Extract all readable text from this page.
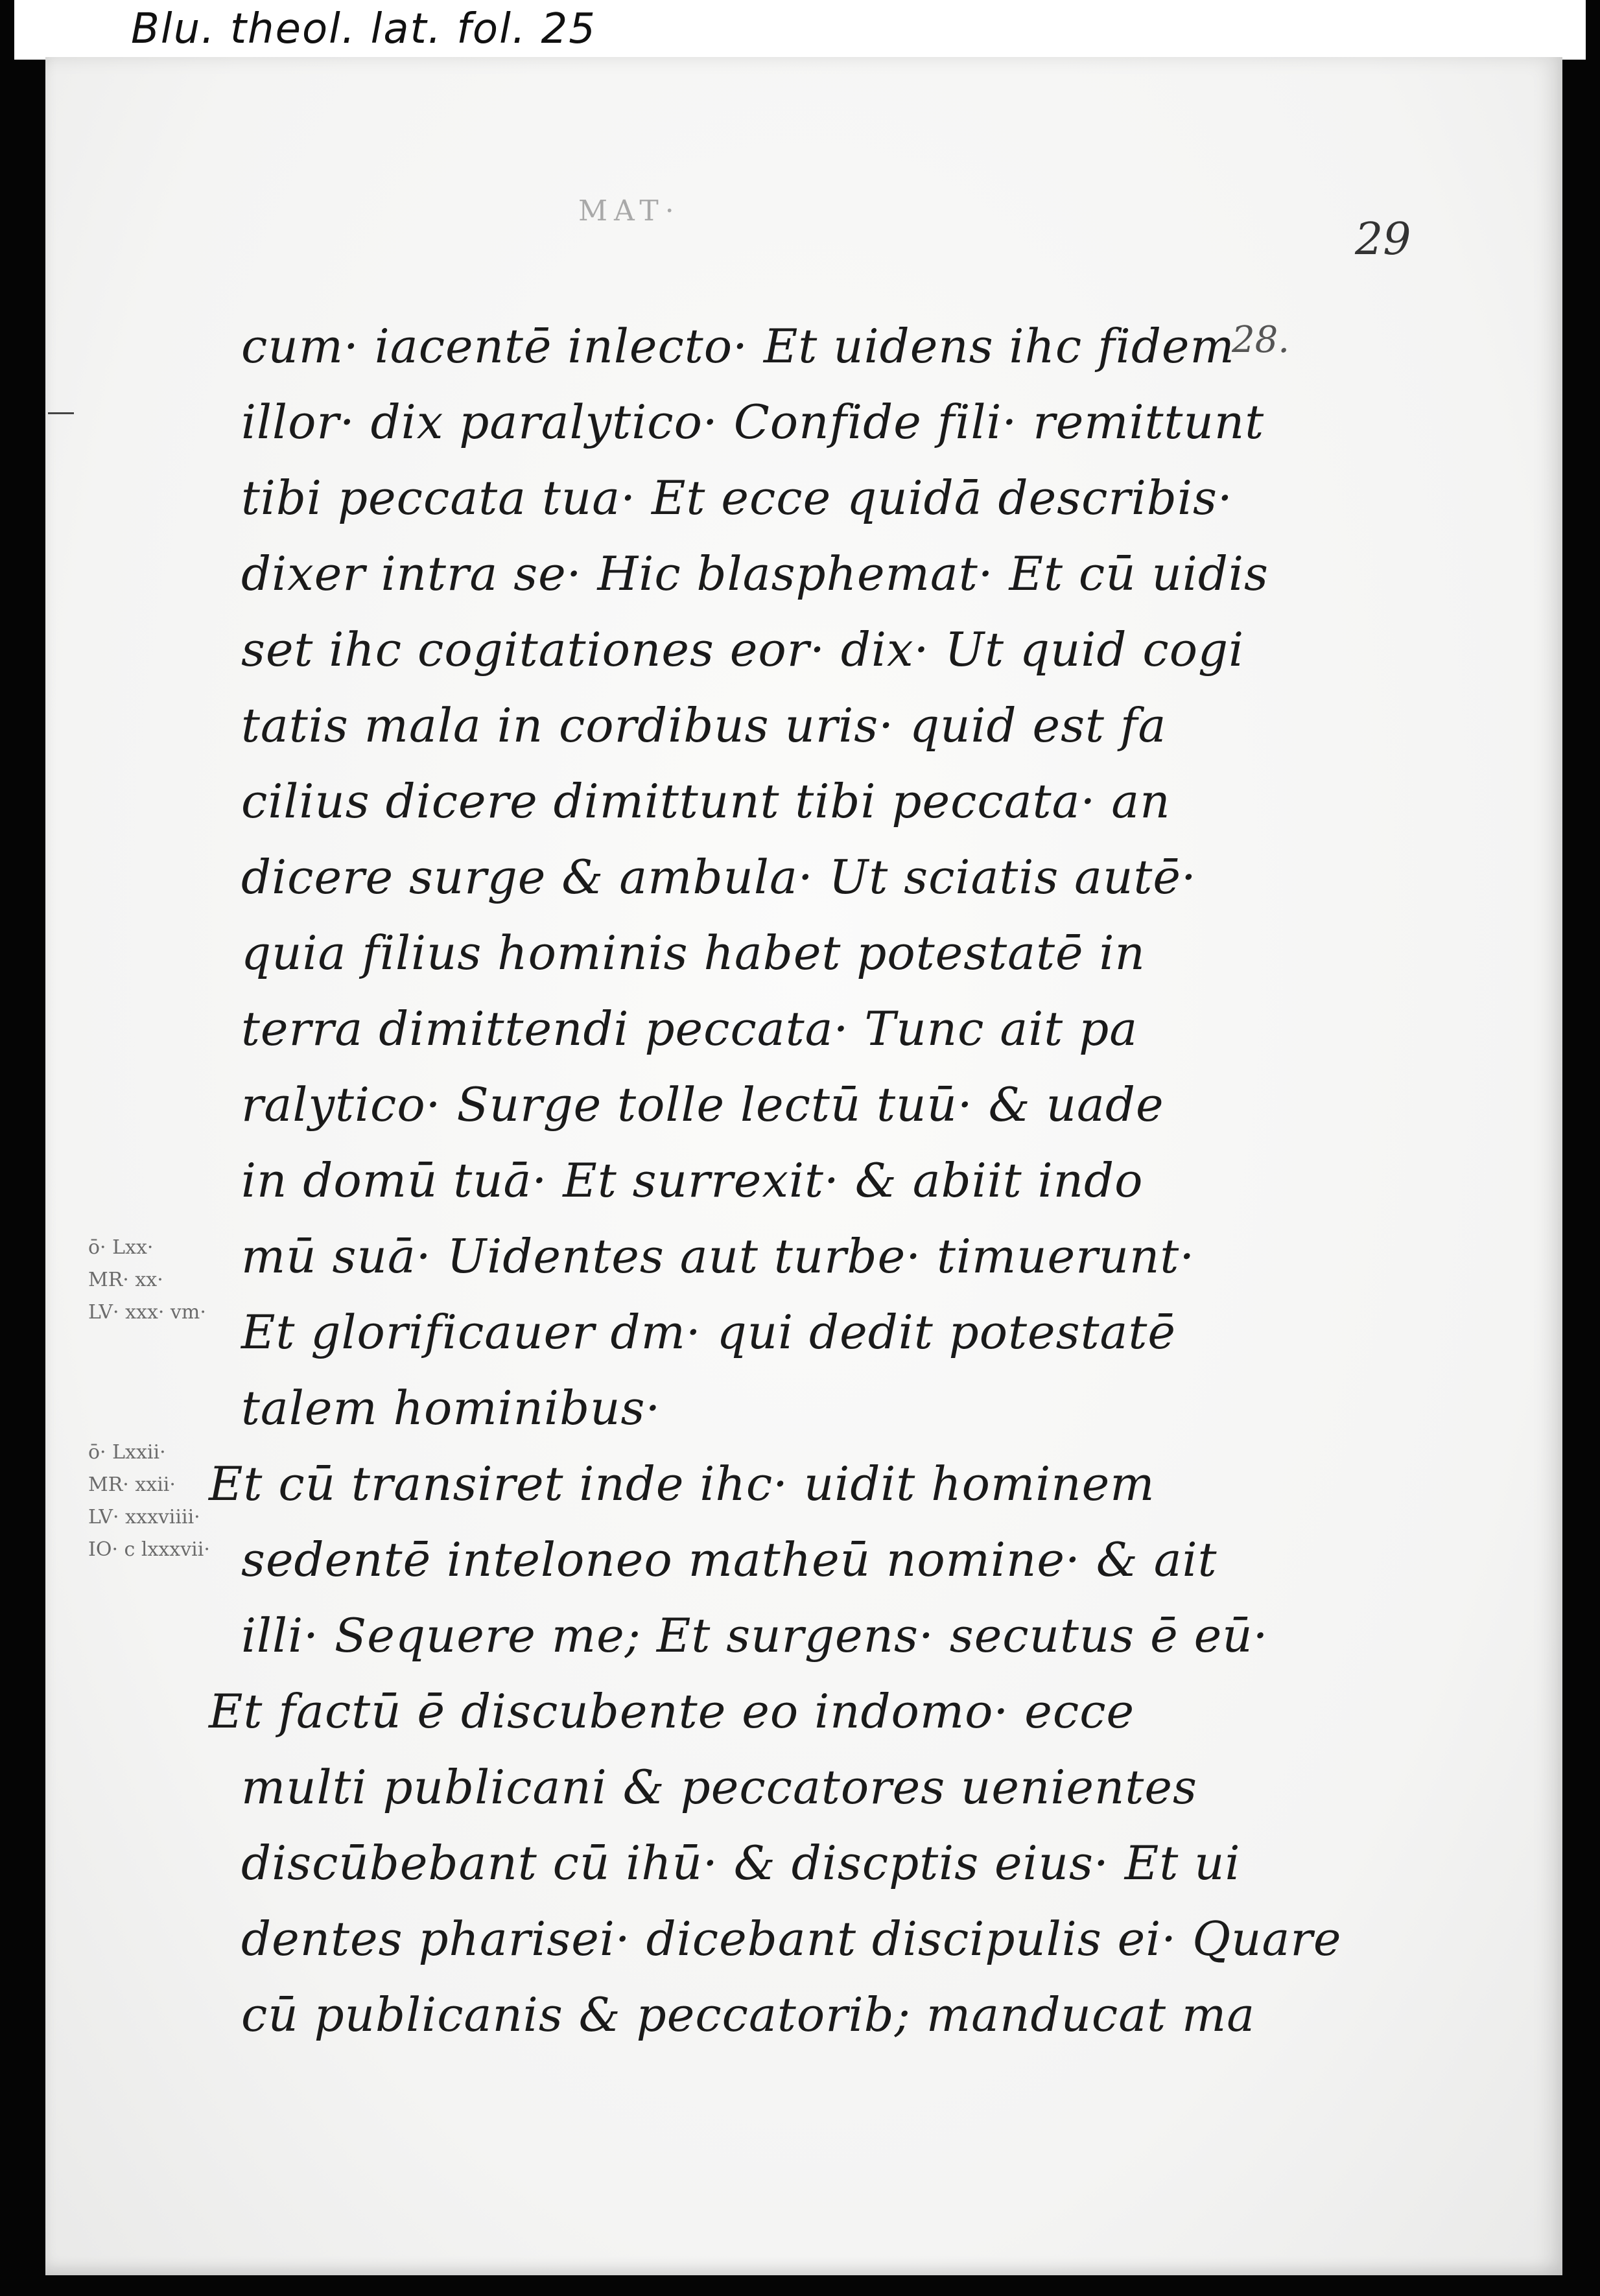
Blu. theol. lat. fol. 25
MAT·
29
28.
cum· iacentē inlecto· Et uidens ihc fidem
illor· dix paralytico· Confide fili· remittunt
tibi peccata tua· Et ecce quidā describis·
dixer intra se· Hic blasphemat· Et cū uidis
set ihc cogitationes eor· dix· Ut quid cogi
tatis mala in cordibus uris· quid est fa
cilius dicere dimittunt tibi peccata· an
dicere surge & ambula· Ut sciatis autē·
quia filius hominis habet potestatē in
terra dimittendi peccata· Tunc ait pa
ralytico· Surge tolle lectū tuū· & uade
in domū tuā· Et surrexit· & abiit indo
mū suā· Uidentes aut turbe· timuerunt·
Et glorificauer dm· qui dedit potestatē
talem hominibus·
Et cū transiret inde ihc· uidit hominem
sedentē inteloneo matheū nomine· & ait
illi· Sequere me; Et surgens· secutus ē eū·
Et factū ē discubente eo indomo· ecce
multi publicani & peccatores uenientes
discūbebant cū ihū· & discptis eius· Et ui
dentes pharisei· dicebant discipulis ei· Quare
cū publicanis & peccatorib; manducat ma
ō· Lxx·
MR· xx·
LV· xxx· vm·
ō· Lxxii·
MR· xxii·
LV· xxxviiii·
IO· c lxxxvii·
